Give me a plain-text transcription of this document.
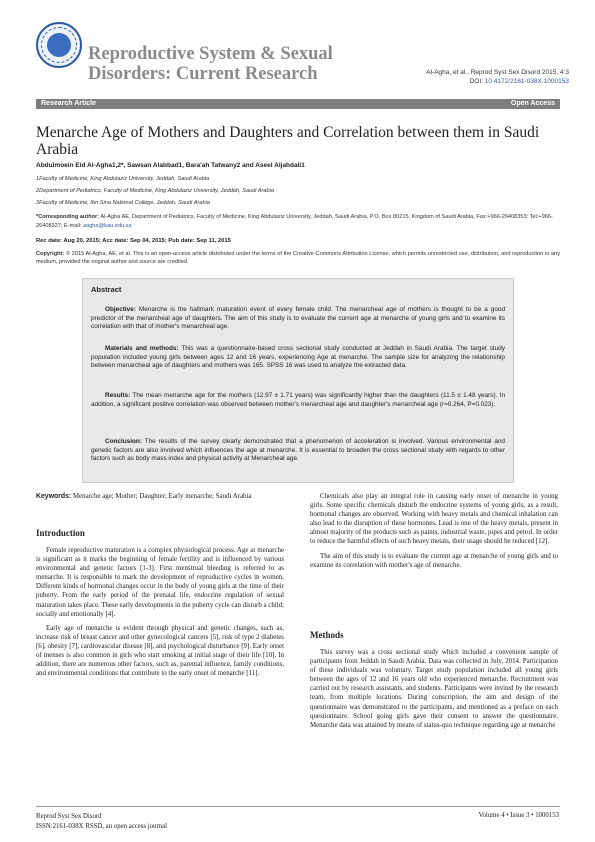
Reproductive System & Sexual
Disorders: Current Research	Al-Agha, et al., Reprod Syst Sex Disord 2015, 4:3
DOI: 10.4172/2161-038X.1000153
Research Article	Open Access
Menarche Age of Mothers and Daughters and Correlation between them in Saudi Arabia
Abdulmoein Eid Al-Agha1,2*, Sawsan Alabbad1, Bara'ah Tatwany2 and Aseel Aljahdali1
1Faculty of Medicine, King Abdulaziz University, Jeddah, Saudi Arabia
2Department of Pediatrics, Faculty of Medicine, King Abdulaziz University, Jeddah, Saudi Arabia
3Faculty of Medicine, Ibn Sina National College, Jeddah, Saudi Arabia
*Corresponding author: Al-Agha AE, Department of Pediatrics, Faculty of Medicine, King Abdulaziz University, Jeddah, Saudi Arabia, P.O. Box 80215, Kingdom of Saudi Arabia, Fax:+966-26408353; Tel:+966-26408327; E-mail: aagha@kau.edu.sa
Rec date: Aug 20, 2015; Acc date: Sep 04, 2015; Pub date: Sep 11, 2015
Copyright: © 2015 Al-Agha, AE, et al. This is an open-access article distributed under the terms of the Creative Commons Attribution License, which permits unrestricted use, distribution, and reproduction in any medium, provided the original author and source are credited.
Abstract
Objective: Menarche is the hallmark maturation event of every female child. The menarcheal age of mothers is thought to be a good predictor of the menarcheal age of daughters. The aim of this study is to evaluate the current age at menarche of young girls and to examine its correlation with that of mother's menarcheal age.
Materials and methods: This was a questionnaire-based cross sectional study conducted at Jeddah in Saudi Arabia. The target study population included young girls between ages 12 and 16 years, experiencing Age at menarche. The sample size for analyzing the relationship between menarcheal age of daughters and mothers was 165. SPSS 16 was used to analyze the extracted data.
Results: The mean menarche age for the mothers (12.97 ± 1.71 years) was significantly higher than the daughters (11.5 ± 1.48 years). In addition, a significant positive correlation was observed between mother's menarcheal age and daughter's menarcheal age (r=0.264, P=0.023).
Conclusion: The results of the survey clearly demonstrated that a phenomenon of acceleration is involved. Various environmental and genetic factors are also involved which influences the age at menarche. It is essential to broaden the cross sectional study with regards to other factors such as body mass index and physical activity at Menarcheal age.
Keywords: Menarche age; Mother; Daughter; Early menarche; Saudi Arabia
Introduction

Female reproductive maturation is a complex physiological process. Age at menarche is significant as it marks the beginning of female fertility and is influenced by various environmental and genetic factors [1-3]. First menstrual bleeding is referred to as menarche. It is responsible to mark the development of reproductive cycles in women. Different kinds of hormonal changes occur in the body of young girls at the time of their puberty. From the early period of the prenatal life, endocrine regulation of sexual maturation takes place. These early developments in the puberty cycle can disturb a child; socially and emotionally [4].

Early age of menarche is evident through physical and genetic changes, such as, increase risk of breast cancer and other gynecological cancers [5], risk of type 2 diabetes [6], obesity [7], cardiovascular disease [8], and psychological disturbance [9]. Early onset of menses is also common in girls who start smoking at initial stage of their life [10]. In addition, there are numerous other factors, such as, parental influence, family conditions, and environmental conditions that contribute to the early onset of menarche [11].

Chemicals also play an integral role in causing early onset of menarche in young girls. Some specific chemicals disturb the endocrine systems of young girls, as a result, hormonal changes are observed. Working with heavy metals and chemical inhalation can also lead to the disruption of these hormones. Lead is one of the heavy metals, present in almost majority of the products such as paints, industrial waste, pipes and petrol. In order to reduce the harmful effects of such heavy metals, their usage should be reduced [12].

The aim of this study is to evaluate the current age at menarche of young girls and to examine its correlation with mother's age of menarche.

Methods

This survey was a cross sectional study which included a convenient sample of participants from Jeddah in Saudi Arabia. Data was collected in July, 2014. Participation of these individuals was voluntary. Target study population included all young girls between the ages of 12 and 16 years old who experienced menarche. Recruitment was carried out by research assistants, and students. Participants were invited by the research team, from multiple locations. During conscription, the aim and design of the questionnaire was demonstrated to the participants, and mentioned as a preface on each questionnaire. School going girls gave their consent to answer the questionnaire. Menarche data was attained by means of status-quo technique regarding age at menarche

Reprod Syst Sex Disord
ISSN:2161-038X RSSD, an open access journal
Volume 4 • Issue 3 • 1000153
